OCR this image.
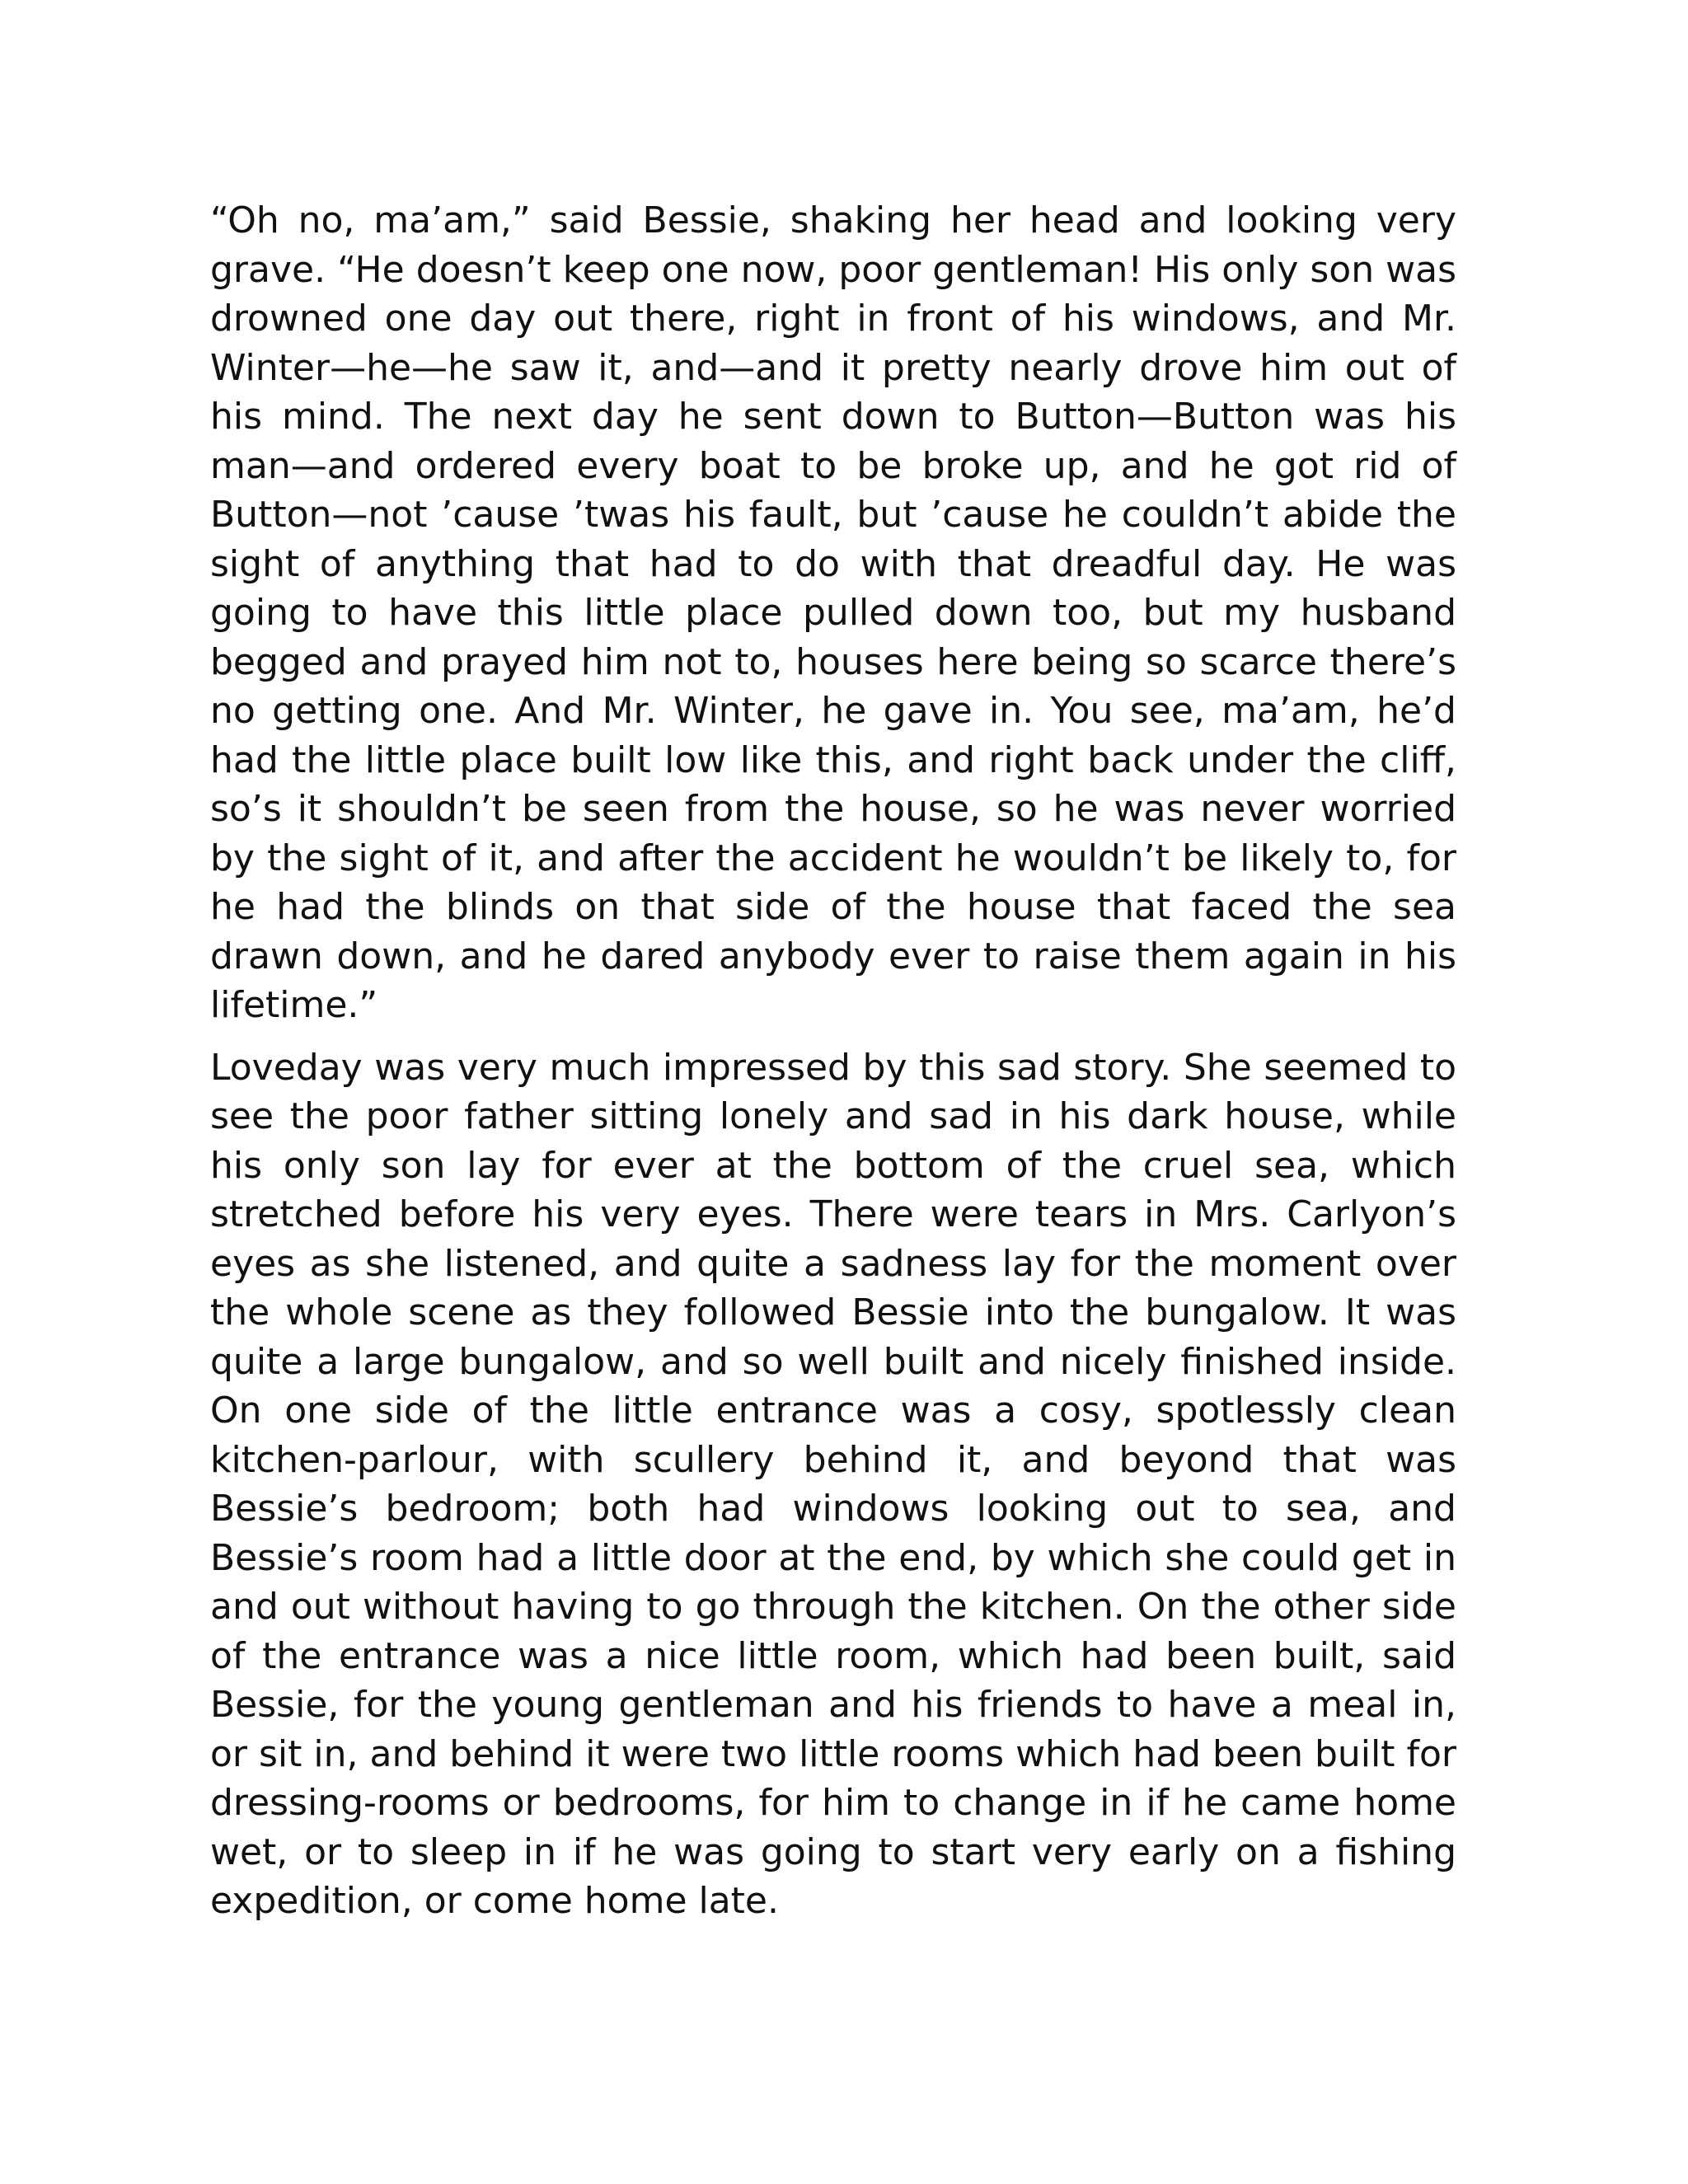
“Oh no, ma’am,” said Bessie, shaking her head and looking very grave. “He doesn’t keep one now, poor gentleman! His only son was drowned one day out there, right in front of his windows, and Mr. Winter—he—he saw it, and—and it pretty nearly drove him out of his mind. The next day he sent down to Button—Button was his man—and ordered every boat to be broke up, and he got rid of Button—not ’cause ’twas his fault, but ’cause he couldn’t abide the sight of anything that had to do with that dreadful day. He was going to have this little place pulled down too, but my husband begged and prayed him not to, houses here being so scarce there’s no getting one. And Mr. Winter, he gave in. You see, ma’am, he’d had the little place built low like this, and right back under the cliff, so’s it shouldn’t be seen from the house, so he was never worried by the sight of it, and after the accident he wouldn’t be likely to, for he had the blinds on that side of the house that faced the sea drawn down, and he dared anybody ever to raise them again in his lifetime.”

Loveday was very much impressed by this sad story. She seemed to see the poor father sitting lonely and sad in his dark house, while his only son lay for ever at the bottom of the cruel sea, which stretched before his very eyes. There were tears in Mrs. Carlyon’s eyes as she listened, and quite a sadness lay for the moment over the whole scene as they followed Bessie into the bungalow. It was quite a large bungalow, and so well built and nicely finished inside. On one side of the little entrance was a cosy, spotlessly clean kitchen-parlour, with scullery behind it, and beyond that was Bessie’s bedroom; both had windows looking out to sea, and Bessie’s room had a little door at the end, by which she could get in and out without having to go through the kitchen. On the other side of the entrance was a nice little room, which had been built, said Bessie, for the young gentleman and his friends to have a meal in, or sit in, and behind it were two little rooms which had been built for dressing-rooms or bedrooms, for him to change in if he came home wet, or to sleep in if he was going to start very early on a fishing expedition, or come home late.
